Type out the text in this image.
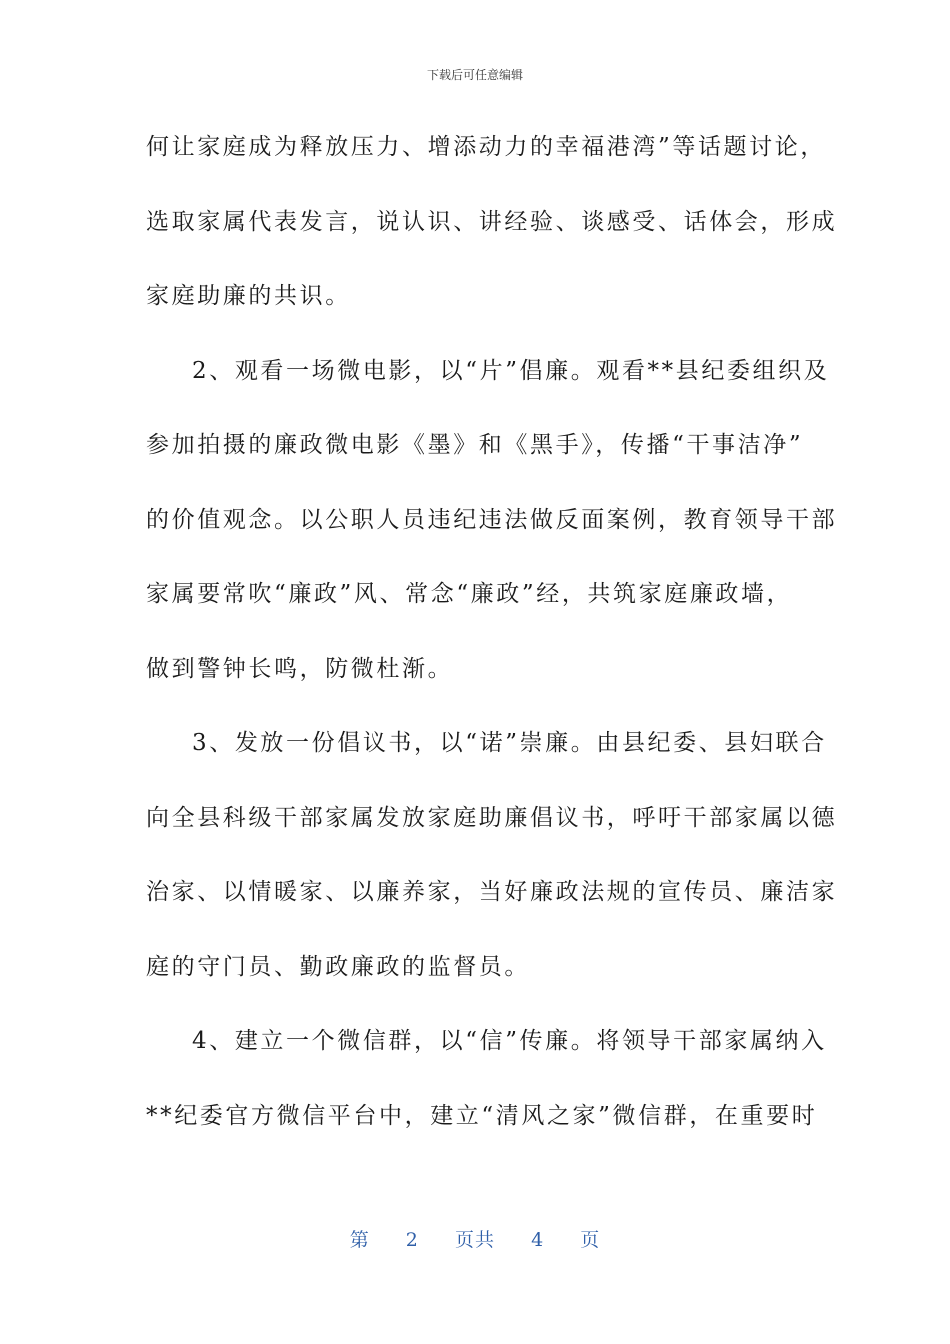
下载后可任意编辑
何让家庭成为释放压力、增添动力的幸福港湾”等话题讨论，
选取家属代表发言，说认识、讲经验、谈感受、话体会，形成
家庭助廉的共识。
2、观看一场微电影，以“片”倡廉。观看**县纪委组织及
参加拍摄的廉政微电影《墨》和《黑手》，传播“干事洁净”
的价值观念。以公职人员违纪违法做反面案例，教育领导干部
家属要常吹“廉政”风、常念“廉政”经，共筑家庭廉政墙，
做到警钟长鸣，防微杜渐。
3、发放一份倡议书，以“诺”崇廉。由县纪委、县妇联合
向全县科级干部家属发放家庭助廉倡议书，呼吁干部家属以德
治家、以情暖家、以廉养家，当好廉政法规的宣传员、廉洁家
庭的守门员、勤政廉政的监督员。
4、建立一个微信群，以“信”传廉。将领导干部家属纳入
**纪委官方微信平台中，建立“清风之家”微信群，在重要时
第 2 页共 4 页
